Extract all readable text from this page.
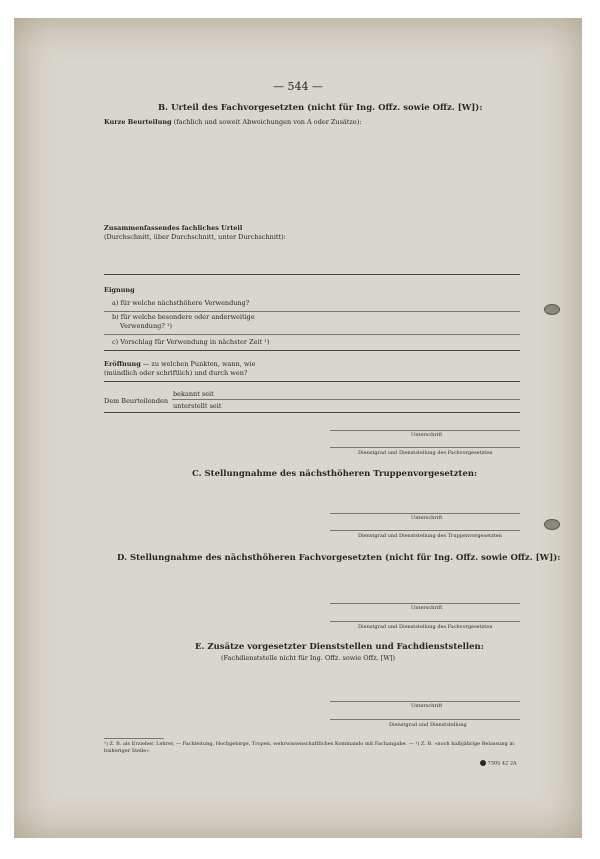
— 544 —
B. Urteil des Fachvorgesetzten (nicht für Ing. Offz. sowie Offz. [W]):
Kurze Beurteilung (fachlich und soweit Abweichungen von A oder Zusätze):
Zusammenfassendes fachliches Urteil
(Durchschnitt, über Durchschnitt, unter Durchschnitt):
Eignung
a) für welche nächsthöhere Verwendung?
b) für welche besondere oder anderweitige
Verwendung? ¹)
c) Vorschlag für Verwendung in nächster Zeit ¹)
Eröffnung — zu welchen Punkten, wann, wie
(mündlich oder schriftlich) und durch wen?
Dem Beurteilenden
bekannt seit
unterstellt seit
Unterschrift
Dienstgrad und Dienststellung des Fachvorgesetzten
C. Stellungnahme des nächsthöheren Truppenvorgesetzten:
Unterschrift
Dienstgrad und Dienststellung des Truppenvorgesetzten
D. Stellungnahme des nächsthöheren Fachvorgesetzten (nicht für Ing. Offz. sowie Offz. [W]):
Unterschrift
Dienstgrad und Dienststellung des Fachvorgesetzten
E. Zusätze vorgesetzter Dienststellen und Fachdienststellen:
(Fachdienststelle nicht für Ing. Offz. sowie Offz. [W])
Unterschrift
Dienstgrad und Dienststellung
¹) Z. B. als Erzieher, Lehrer, — Fachleitung, Hochgebirge, Tropen, wehrwissenschaftliches Kommando mit Fachangabe. — ¹) Z. B. »noch halbjährige Belassung in bisheriger Stelle«.
7305 42 2A
